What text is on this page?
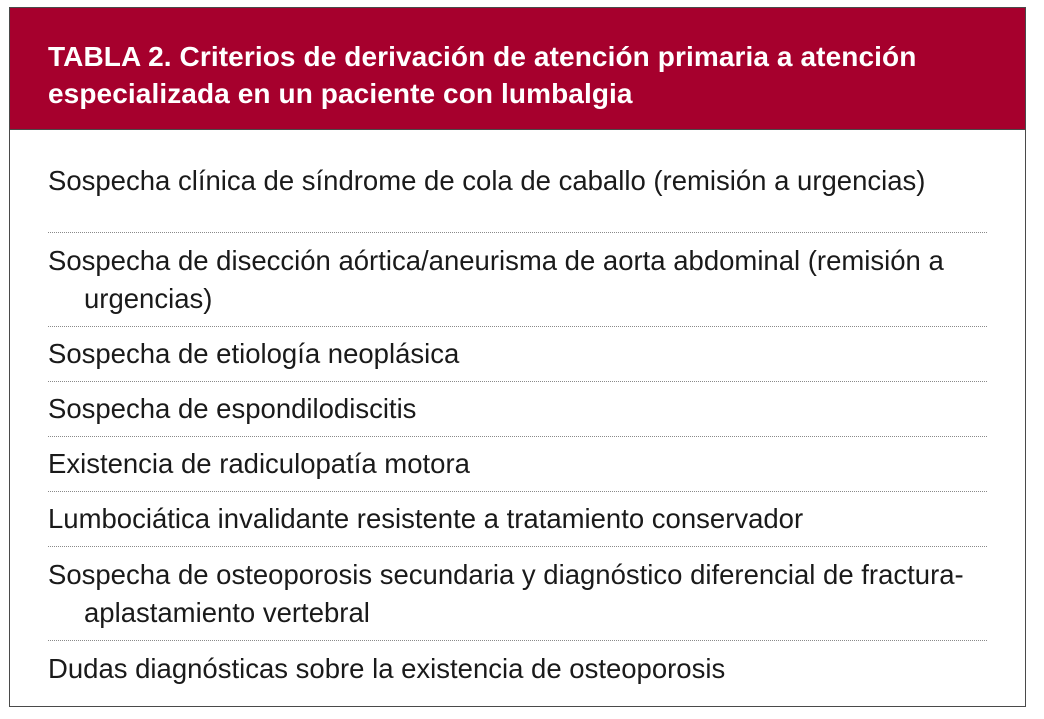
TABLA 2. Criterios de derivación de atención primaria a atención especializada en un paciente con lumbalgia

Sospecha clínica de síndrome de cola de caballo (remisión a urgencias)
Sospecha de disección aórtica/aneurisma de aorta abdominal (remisión a urgencias)
Sospecha de etiología neoplásica
Sospecha de espondilodiscitis
Existencia de radiculopatía motora
Lumbociática invalidante resistente a tratamiento conservador
Sospecha de osteoporosis secundaria y diagnóstico diferencial de fractura-aplastamiento vertebral
Dudas diagnósticas sobre la existencia de osteoporosis
